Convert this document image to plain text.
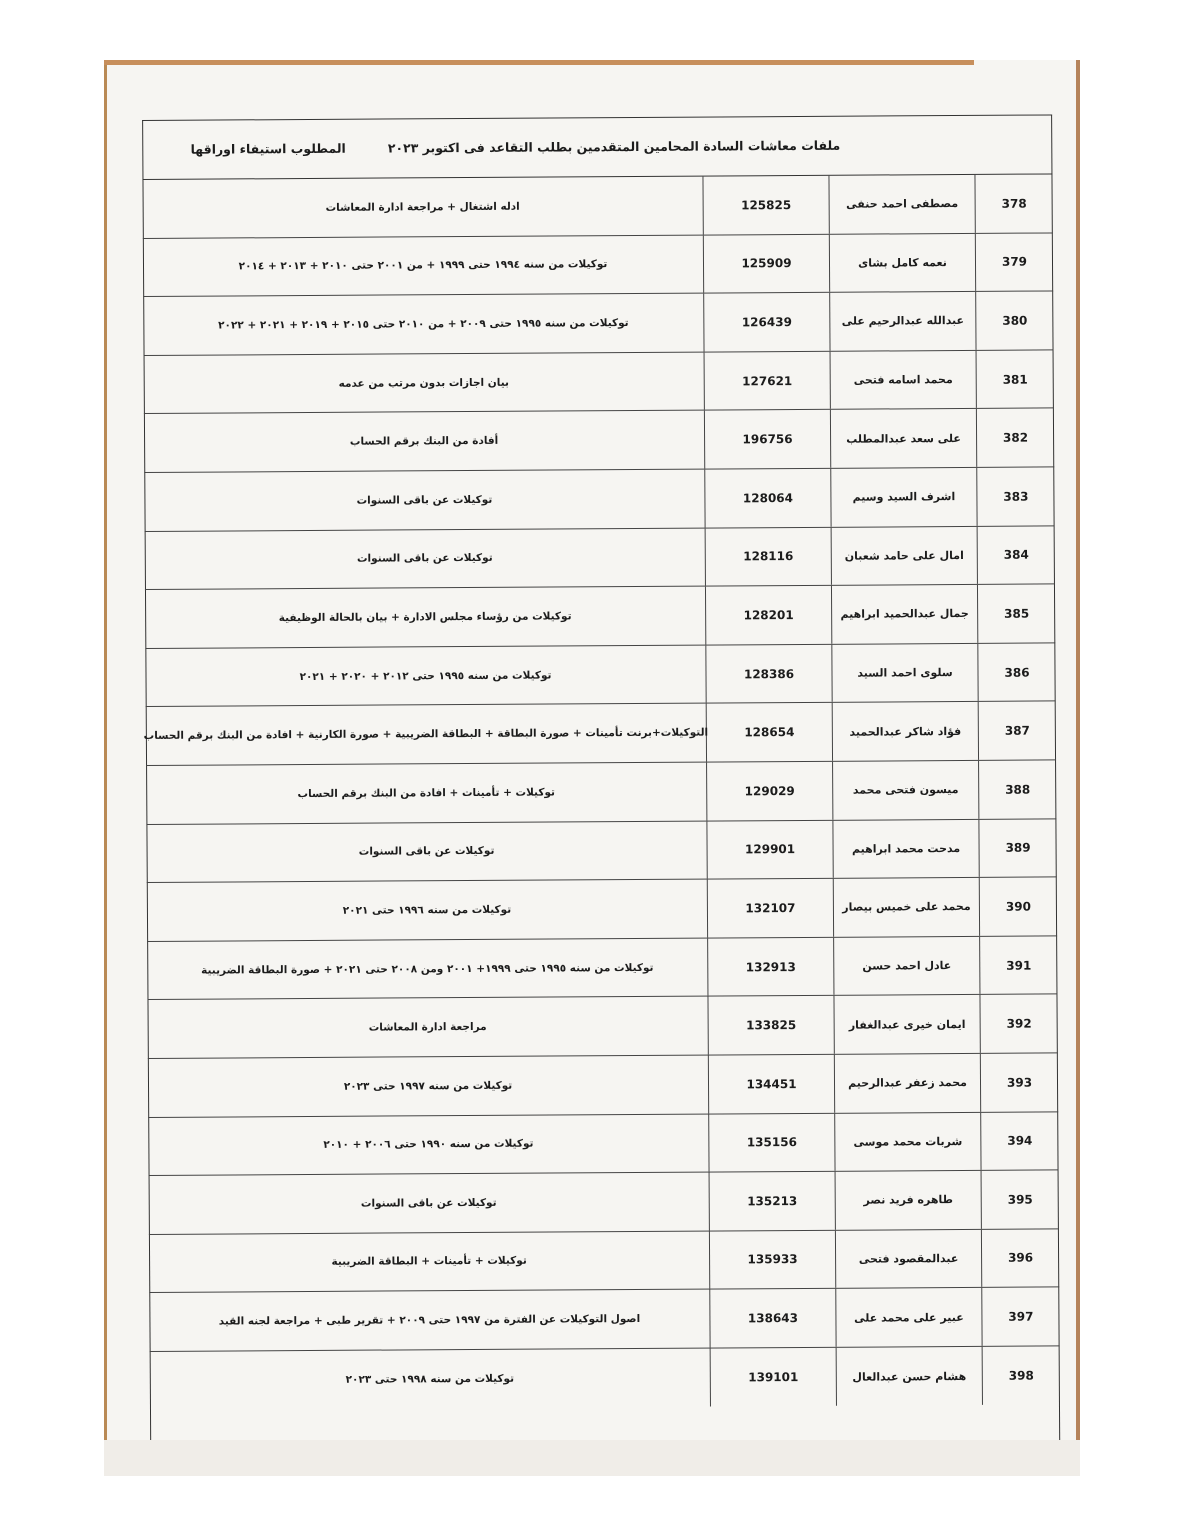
ملفات معاشات السادة المحامين المتقدمين بطلب التقاعد فى اكتوبر ٢٠٢٣
المطلوب استيفاء اوراقها
378
مصطفى احمد حنفى
125825
ادله اشتغال + مراجعة ادارة المعاشات
379
نعمه كامل بشاى
125909
توكيلات من سنه ١٩٩٤ حتى ١٩٩٩ + من ٢٠٠١ حتى ٢٠١٠ + ٢٠١٣ + ٢٠١٤
380
عبدالله عبدالرحيم على
126439
توكيلات من سنه ١٩٩٥ حتى ٢٠٠٩ + من ٢٠١٠ حتى ٢٠١٥ + ٢٠١٩ + ٢٠٢١ + ٢٠٢٢
381
محمد اسامه فتحى
127621
بيان اجازات بدون مرتب من عدمه
382
على سعد عبدالمطلب
196756
أفادة من البنك برقم الحساب
383
اشرف السيد وسيم
128064
توكيلات عن باقى السنوات
384
امال على حامد شعبان
128116
توكيلات عن باقى السنوات
385
جمال عبدالحميد ابراهيم
128201
توكيلات من رؤساء مجلس الادارة + بيان بالحالة الوظيفية
386
سلوى احمد السيد
128386
توكيلات من سنه ١٩٩٥ حتى ٢٠١٢ + ٢٠٢٠ + ٢٠٢١
387
فؤاد شاكر عبدالحميد
128654
التوكيلات+برنت تأمينات + صورة البطاقة + البطاقة الضريبية + صورة الكارنية + افادة من البنك برقم الحساب
388
ميسون فتحى محمد
129029
توكيلات + تأمينات + افادة من البنك برقم الحساب
389
مدحت محمد ابراهيم
129901
توكيلات عن باقى السنوات
390
محمد على خميس بيصار
132107
توكيلات من سنه ١٩٩٦ حتى ٢٠٢١
391
عادل احمد حسن
132913
توكيلات من سنه ١٩٩٥ حتى ١٩٩٩+ ٢٠٠١ ومن ٢٠٠٨ حتى ٢٠٢١ + صورة البطاقة الضريبية
392
ايمان خيرى عبدالغفار
133825
مراجعة ادارة المعاشات
393
محمد زعفر عبدالرحيم
134451
توكيلات من سنه ١٩٩٧ حتى ٢٠٢٣
394
شربات محمد موسى
135156
توكيلات من سنه ١٩٩٠ حتى ٢٠٠٦ + ٢٠١٠
395
طاهره فريد نصر
135213
توكيلات عن باقى السنوات
396
عبدالمقصود فتحى
135933
توكيلات + تأمينات + البطاقة الضريبية
397
عبير على محمد على
138643
اصول التوكيلات عن الفترة من ١٩٩٧ حتى ٢٠٠٩ + تقرير طبى + مراجعة لجنه القيد
398
هشام حسن عبدالعال
139101
توكيلات من سنه ١٩٩٨ حتى ٢٠٢٣
